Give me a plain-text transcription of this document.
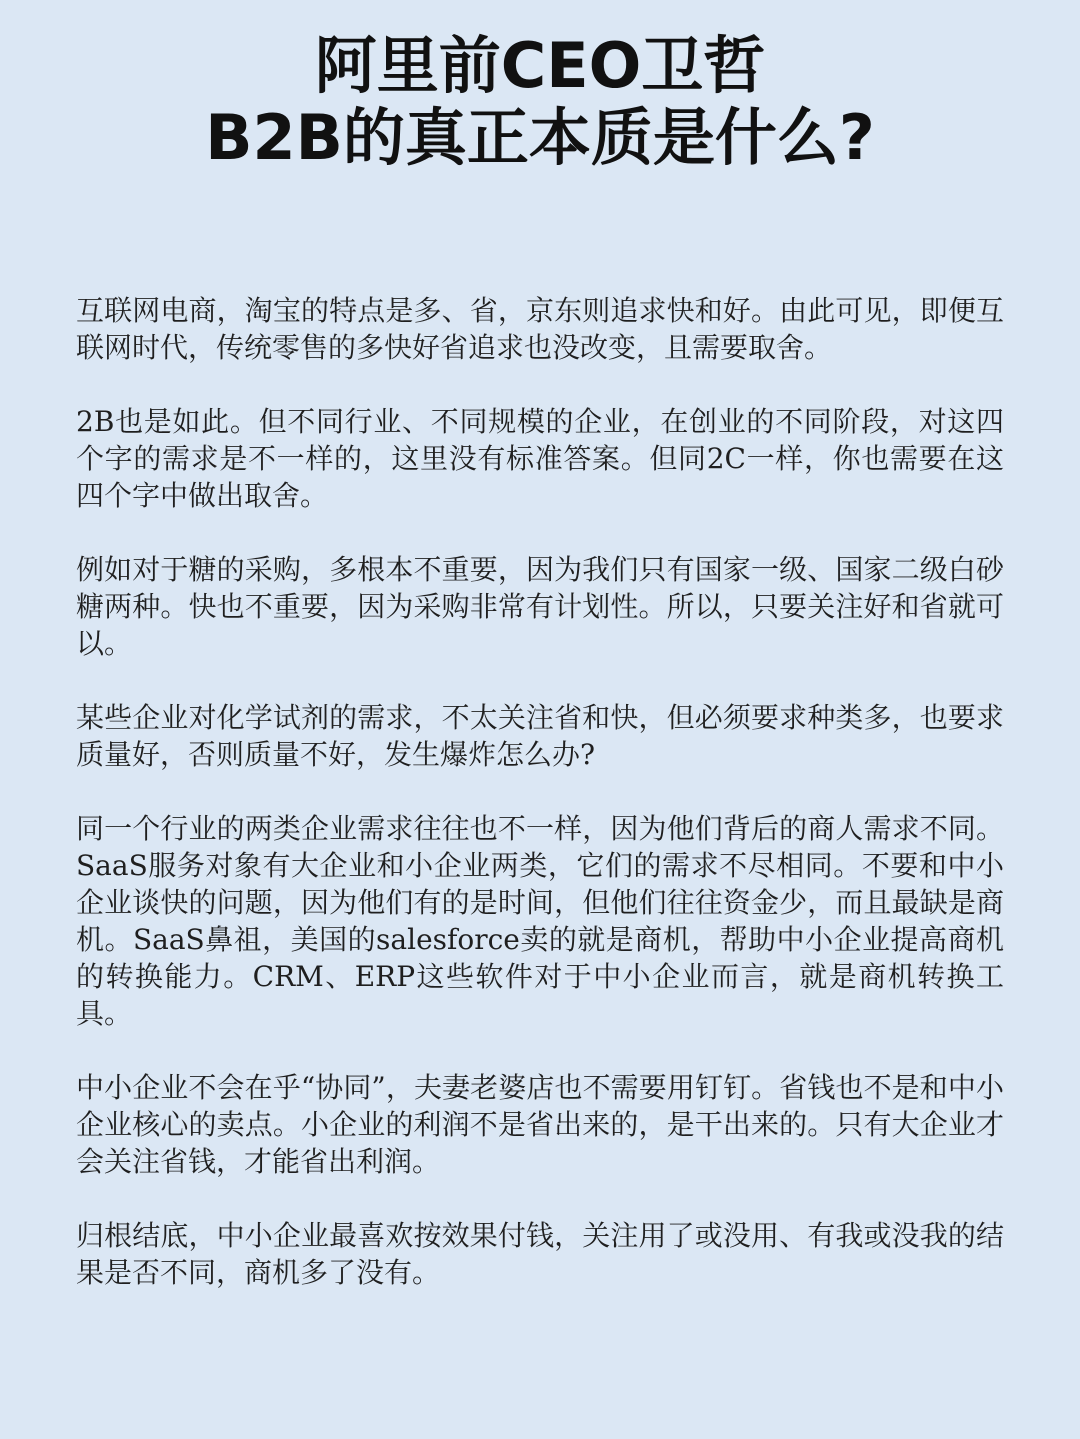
阿里前CEO卫哲
B2B的真正本质是什么?

互联网电商，淘宝的特点是多、省，京东则追求快和好。由此可见，即便互联网时代，传统零售的多快好省追求也没改变，且需要取舍。

2B也是如此。但不同行业、不同规模的企业，在创业的不同阶段，对这四个字的需求是不一样的，这里没有标准答案。但同2C一样，你也需要在这四个字中做出取舍。

例如对于糖的采购，多根本不重要，因为我们只有国家一级、国家二级白砂糖两种。快也不重要，因为采购非常有计划性。所以，只要关注好和省就可以。

某些企业对化学试剂的需求，不太关注省和快，但必须要求种类多，也要求质量好，否则质量不好，发生爆炸怎么办?

同一个行业的两类企业需求往往也不一样，因为他们背后的商人需求不同。SaaS服务对象有大企业和小企业两类，它们的需求不尽相同。不要和中小企业谈快的问题，因为他们有的是时间，但他们往往资金少，而且最缺是商机。SaaS鼻祖，美国的salesforce卖的就是商机，帮助中小企业提高商机的转换能力。CRM、ERP这些软件对于中小企业而言，就是商机转换工具。

中小企业不会在乎“协同”，夫妻老婆店也不需要用钉钉。省钱也不是和中小企业核心的卖点。小企业的利润不是省出来的，是干出来的。只有大企业才会关注省钱，才能省出利润。

归根结底，中小企业最喜欢按效果付钱，关注用了或没用、有我或没我的结果是否不同，商机多了没有。
